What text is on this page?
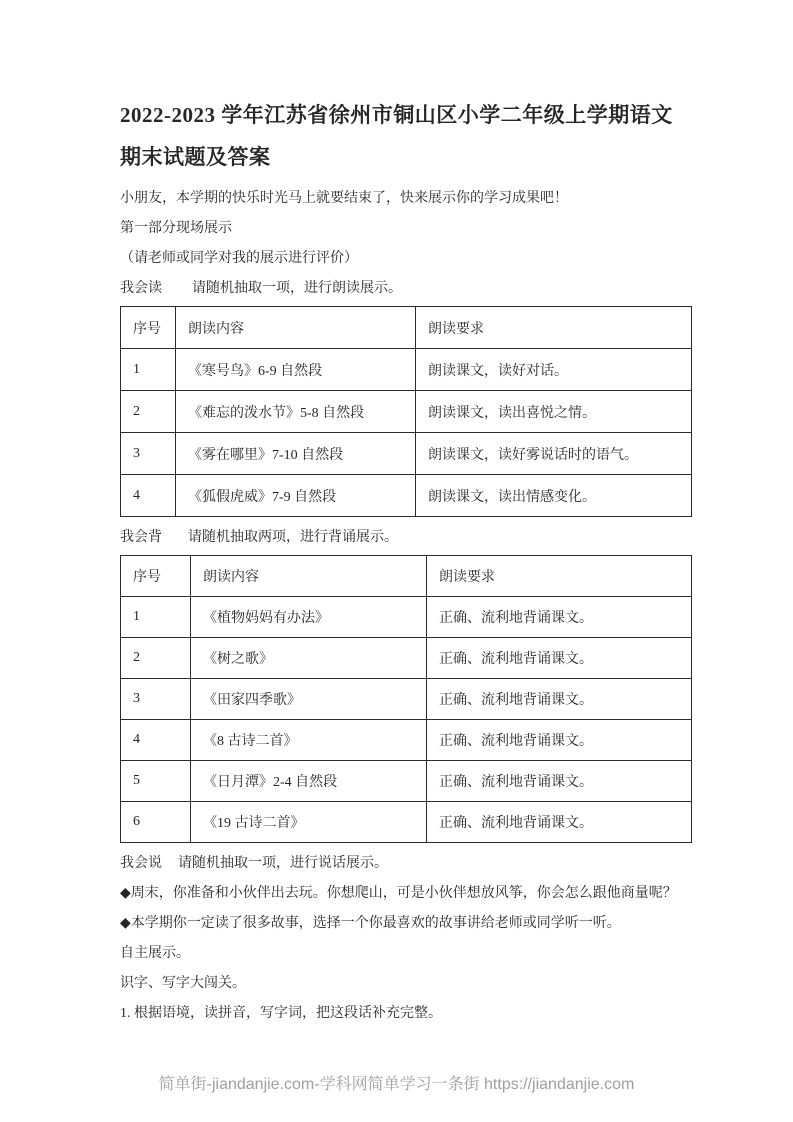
2022-2023 学年江苏省徐州市铜山区小学二年级上学期语文
期末试题及答案

小朋友，本学期的快乐时光马上就要结束了，快来展示你的学习成果吧！

第一部分现场展示

（请老师或同学对我的展示进行评价）

我会读 请随机抽取一项，进行朗读展示。

序号	朗读内容	朗读要求
1	《寒号鸟》6-9 自然段	朗读课文，读好对话。
2	《难忘的泼水节》5-8 自然段	朗读课文，读出喜悦之情。
3	《雾在哪里》7-10 自然段	朗读课文，读好雾说话时的语气。
4	《狐假虎威》7-9 自然段	朗读课文，读出情感变化。

我会背 请随机抽取两项，进行背诵展示。

序号	朗读内容	朗读要求
1	《植物妈妈有办法》	正确、流利地背诵课文。
2	《树之歌》	正确、流利地背诵课文。
3	《田家四季歌》	正确、流利地背诵课文。
4	《8 古诗二首》	正确、流利地背诵课文。
5	《日月潭》2-4 自然段	正确、流利地背诵课文。
6	《19 古诗二首》	正确、流利地背诵课文。

我会说 请随机抽取一项，进行说话展示。

◆周末，你准备和小伙伴出去玩。你想爬山，可是小伙伴想放风筝，你会怎么跟他商量呢？

◆本学期你一定读了很多故事，选择一个你最喜欢的故事讲给老师或同学听一听。

自主展示。

识字、写字大闯关。

1. 根据语境，读拼音，写字词，把这段话补充完整。

简单街-jiandanjie.com-学科网简单学习一条街 https://jiandanjie.com
